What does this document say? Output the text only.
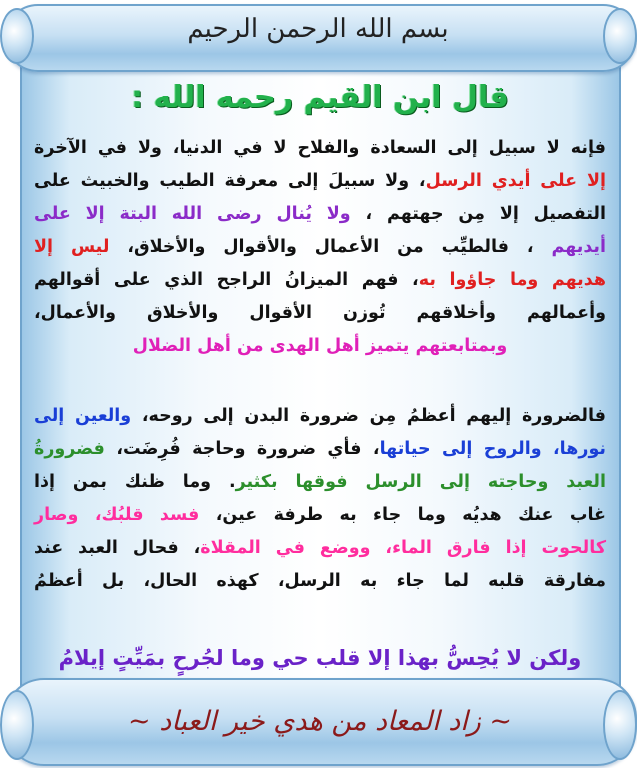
بسم الله الرحمن الرحيم
قال ابن القيم رحمه الله :
فإنه لا سبيل إلى السعادة والفلاح لا في الدنيا، ولا في الآخرة
إلا على أيدي الرسل، ولا سبيلَ إلى معرفة الطيب والخبيث على
التفصيل إلا مِن جهتهم ، ولا يُنال رضى الله البتة إلا على
أيديهم ، فالطيِّب من الأعمال والأقوال والأخلاق، ليس إلا
هديهم وما جاؤوا به، فهم الميزانُ الراجح الذي على أقوالهم
وأعمالهم وأخلاقهم تُوزن الأقوال والأخلاق والأعمال،
وبمتابعتهم يتميز أهل الهدى من أهل الضلال
فالضرورة إليهم أعظمُ مِن ضرورة البدن إلى روحه، والعين إلى
نورها، والروح إلى حياتها، فأي ضرورة وحاجة فُرِضَت، فضرورةُ
العبد وحاجته إلى الرسل فوقها بكثير. وما ظنك بمن إذا
غاب عنك هديُه وما جاء به طرفة عين، فسد قلبُك، وصار
كالحوت إذا فارق الماء، ووضع في المقلاة، فحال العبد عند
مفارقة قلبه لما جاء به الرسل، كهذه الحال، بل أعظمُ
ولكن لا يُحِسُّ بهذا إلا قلب حي وما لجُرحٍ بمَيِّتٍ إيلامُ
~ زاد المعاد من هدي خير العباد ~
